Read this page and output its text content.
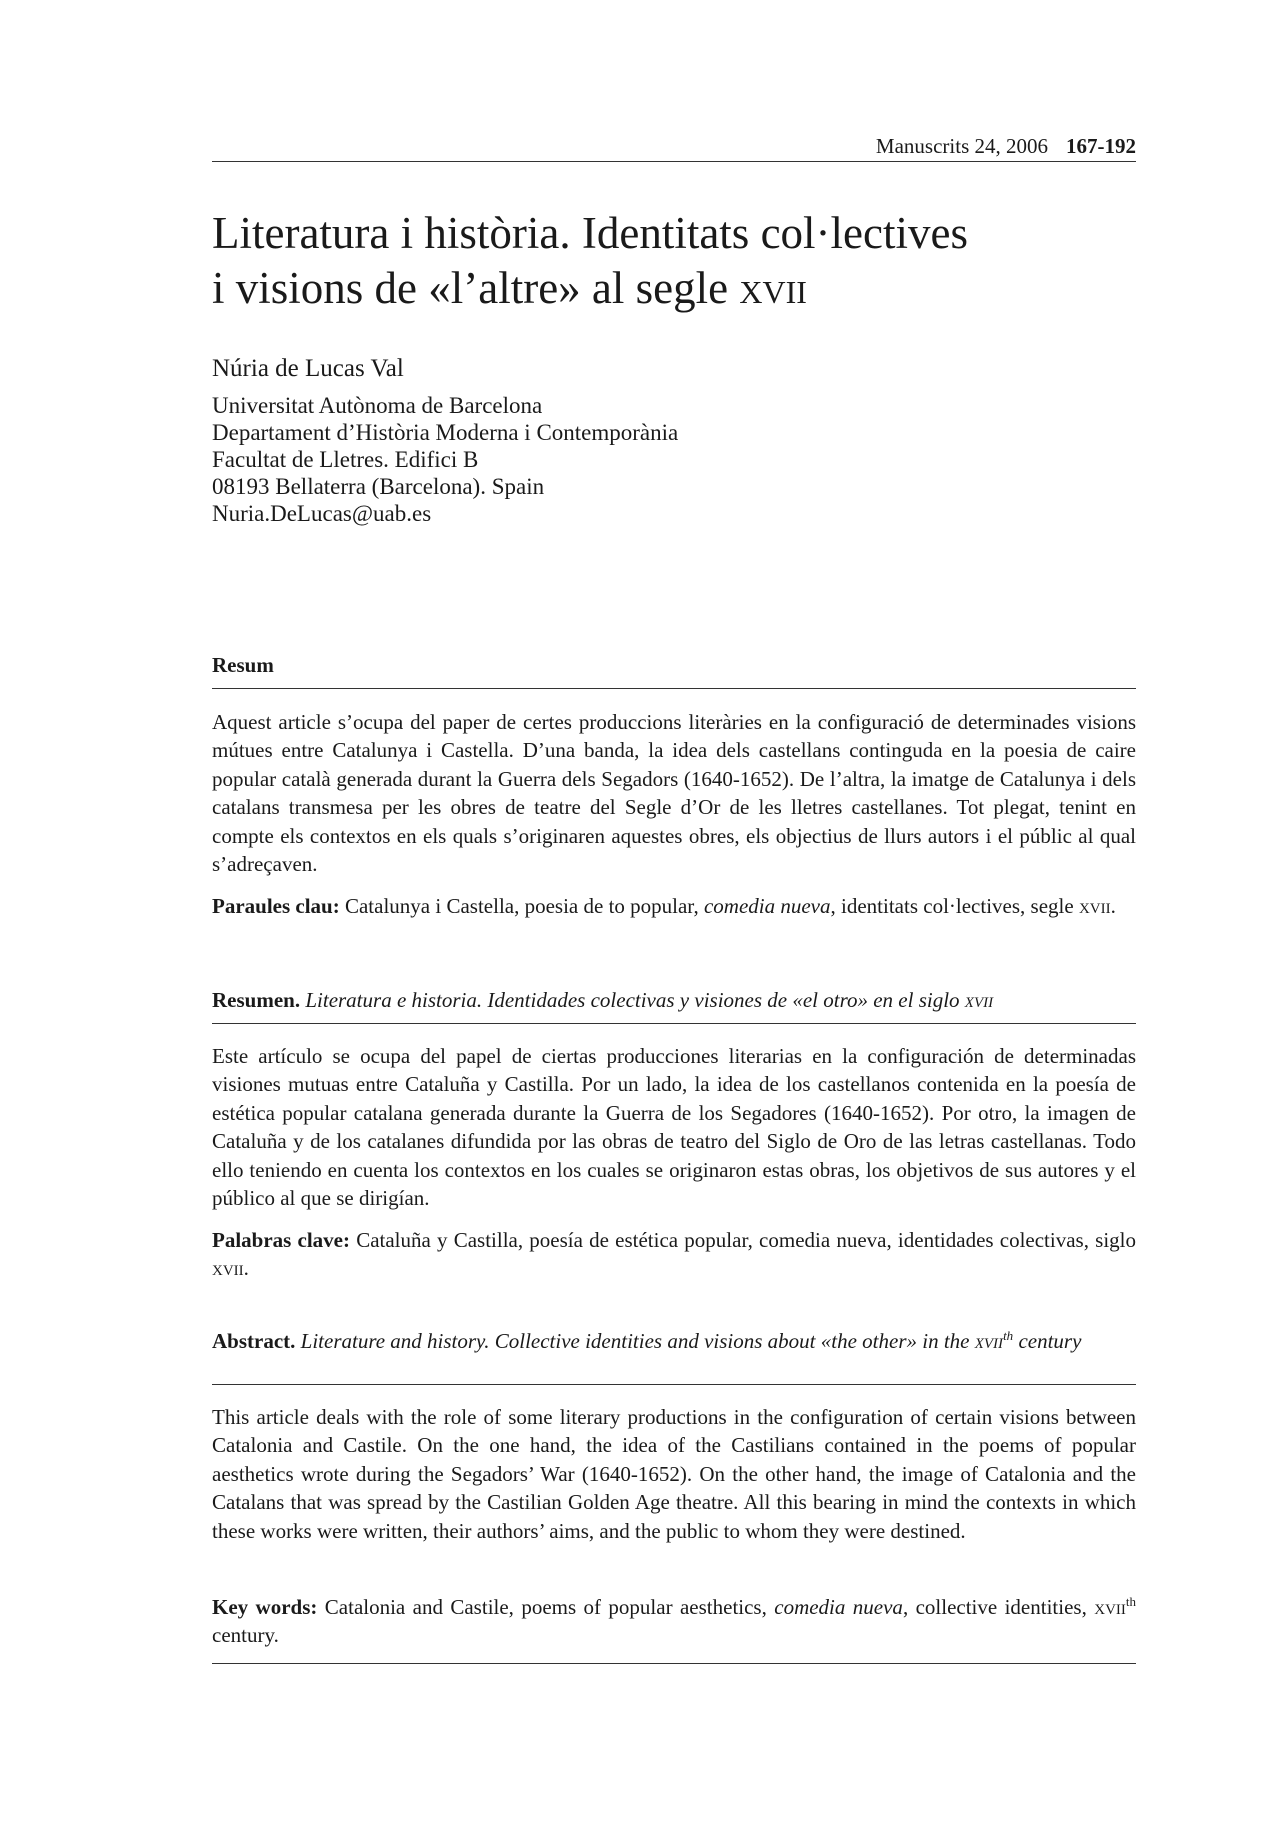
Manuscrits 24, 2006 167-192
Literatura i història. Identitats col·lectives
i visions de «l’altre» al segle xvii
Núria de Lucas Val
Universitat Autònoma de Barcelona
Departament d’Història Moderna i Contemporània
Facultat de Lletres. Edifici B
08193 Bellaterra (Barcelona). Spain
Nuria.DeLucas@uab.es
Resum

Aquest article s’ocupa del paper de certes produccions literàries en la configuració de determinades visions mútues entre Catalunya i Castella. D’una banda, la idea dels castellans continguda en la poesia de caire popular català generada durant la Guerra dels Segadors (1640-1652). De l’altra, la imatge de Catalunya i dels catalans transmesa per les obres de teatre del Segle d’Or de les lletres castellanes. Tot plegat, tenint en compte els contextos en els quals s’originaren aquestes obres, els objectius de llurs autors i el públic al qual s’adreçaven.

Paraules clau: Catalunya i Castella, poesia de to popular, comedia nueva, identitats col·lectives, segle xvii.

Resumen. Literatura e historia. Identidades colectivas y visiones de «el otro» en el siglo xvii

Este artículo se ocupa del papel de ciertas producciones literarias en la configuración de determinadas visiones mutuas entre Cataluña y Castilla. Por un lado, la idea de los castellanos contenida en la poesía de estética popular catalana generada durante la Guerra de los Segadores (1640-1652). Por otro, la imagen de Cataluña y de los catalanes difundida por las obras de teatro del Siglo de Oro de las letras castellanas. Todo ello teniendo en cuenta los contextos en los cuales se originaron estas obras, los objetivos de sus autores y el público al que se dirigían.

Palabras clave: Cataluña y Castilla, poesía de estética popular, comedia nueva, identidades colectivas, siglo xvii.

Abstract. Literature and history. Collective identities and visions about «the other» in the xvii$^{th}$ century

This article deals with the role of some literary productions in the configuration of certain visions between Catalonia and Castile. On the one hand, the idea of the Castilians contained in the poems of popular aesthetics wrote during the Segadors’ War (1640-1652). On the other hand, the image of Catalonia and the Catalans that was spread by the Castilian Golden Age theatre. All this bearing in mind the contexts in which these works were written, their authors’ aims, and the public to whom they were destined.

Key words: Catalonia and Castile, poems of popular aesthetics, comedia nueva, collective identities, xvii$^{th}$ century.
